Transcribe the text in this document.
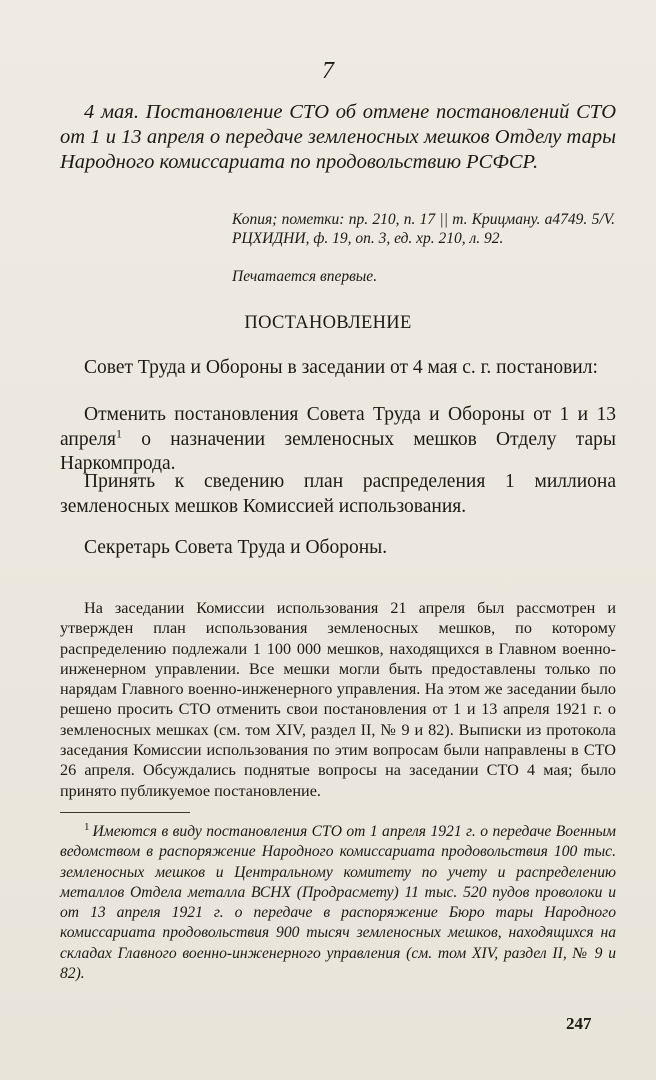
7

4 мая. Постановление СТО об отмене постановлений СТО от 1 и 13 апреля о передаче земленосных мешков Отделу тары Народного комиссариата по продовольствию РСФСР.

Копия; пометки: пр. 210, п. 17 || т. Крицману. а4749. 5/V. РЦХИДНИ, ф. 19, оп. 3, ед. хр. 210, л. 92.

Печатается впервые.
ПОСТАНОВЛЕНИЕ

Совет Труда и Обороны в заседании от 4 мая с. г. постановил:

Отменить постановления Совета Труда и Обороны от 1 и 13 апреля$^1$ о назначении земленосных мешков Отделу тары Наркомпрода.

Принять к сведению план распределения 1 миллиона земленосных мешков Комиссией использования.

Секретарь Совета Труда и Обороны.

На заседании Комиссии использования 21 апреля был рассмотрен и утвержден план использования земленосных мешков, по которому распределению подлежали 1 100 000 мешков, находящихся в Главном военно-инженерном управлении. Все мешки могли быть предоставлены только по нарядам Главного военно-инженерного управления. На этом же заседании было решено просить СТО отменить свои постановления от 1 и 13 апреля 1921 г. о земленосных мешках (см. том XIV, раздел II, № 9 и 82). Выписки из протокола заседания Комиссии использования по этим вопросам были направлены в СТО 26 апреля. Обсуждались поднятые вопросы на заседании СТО 4 мая; было принято публикуемое постановление.

$^1$ Имеются в виду постановления СТО от 1 апреля 1921 г. о передаче Военным ведомством в распоряжение Народного комиссариата продовольствия 100 тыс. земленосных мешков и Центральному комитету по учету и распределению металлов Отдела металла ВСНХ (Продрасмету) 11 тыс. 520 пудов проволоки и от 13 апреля 1921 г. о передаче в распоряжение Бюро тары Народного комиссариата продовольствия 900 тысяч земленосных мешков, находящихся на складах Главного военно-инженерного управления (см. том XIV, раздел II, № 9 и 82).

247
